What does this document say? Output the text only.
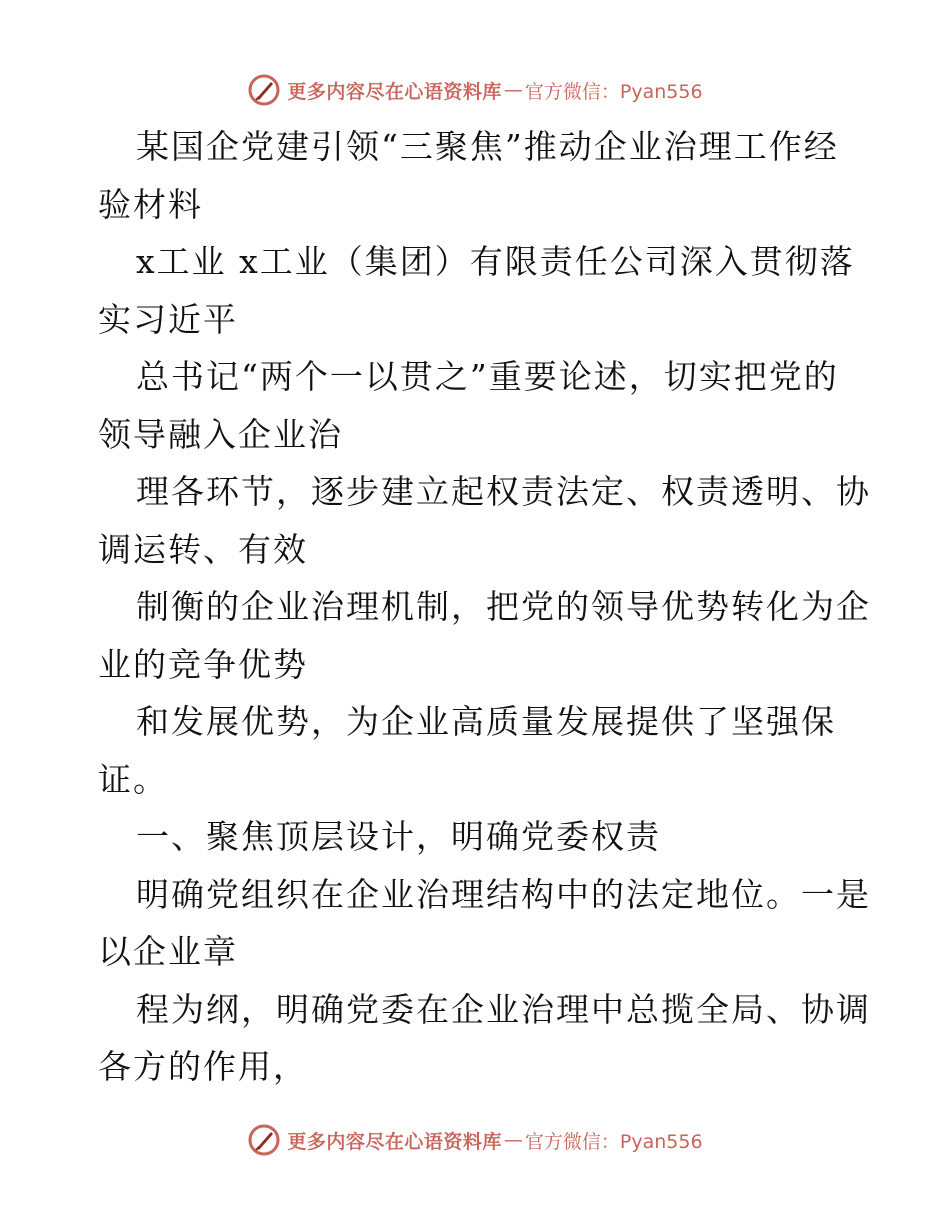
更多内容尽在心语资料库 — 官方微信：Pyan556
某国企党建引领“三聚焦”推动企业治理工作经
验材料
x工业 x工业（集团）有限责任公司深入贯彻落
实习近平
总书记“两个一以贯之”重要论述，切实把党的
领导融入企业治
理各环节，逐步建立起权责法定、权责透明、协
调运转、有效
制衡的企业治理机制，把党的领导优势转化为企
业的竞争优势
和发展优势，为企业高质量发展提供了坚强保
证。
一、聚焦顶层设计，明确党委权责
明确党组织在企业治理结构中的法定地位。一是
以企业章
程为纲，明确党委在企业治理中总揽全局、协调
各方的作用，
更多内容尽在心语资料库 — 官方微信：Pyan556
